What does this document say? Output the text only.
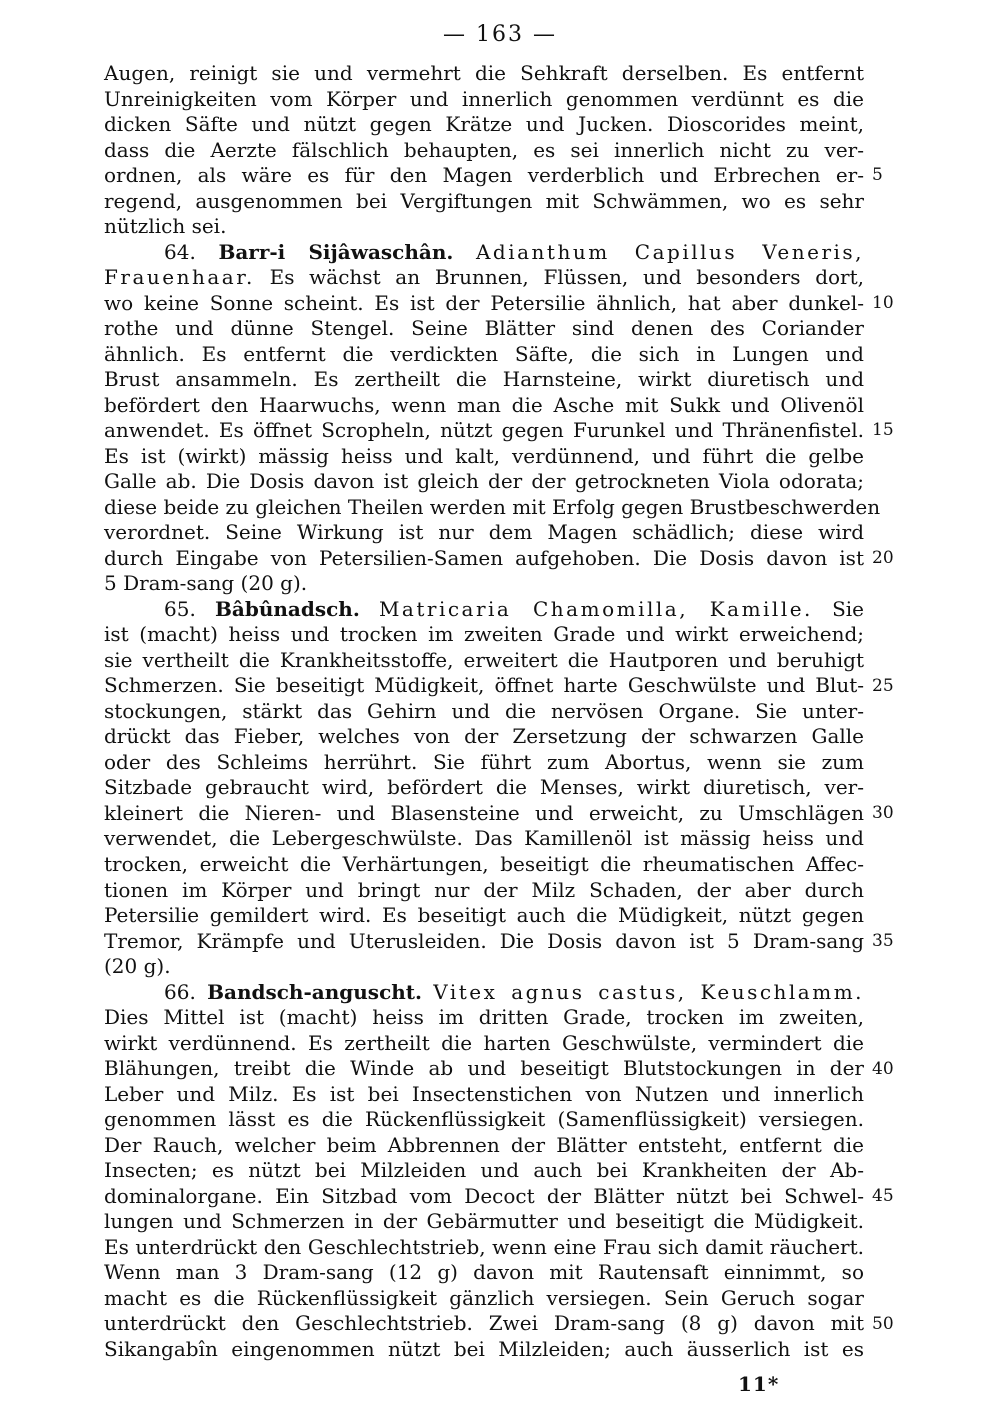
— 163 —
Augen, reinigt sie und vermehrt die Sehkraft derselben. Es entfernt
Unreinigkeiten vom Körper und innerlich genommen verdünnt es die
dicken Säfte und nützt gegen Krätze und Jucken. Dioscorides meint,
dass die Aerzte fälschlich behaupten, es sei innerlich nicht zu ver-
ordnen, als wäre es für den Magen verderblich und Erbrechen er-
regend, ausgenommen bei Vergiftungen mit Schwämmen, wo es sehr
nützlich sei.
64. Barr-i Sijâwaschân. Adianthum Capillus Veneris,
Frauenhaar. Es wächst an Brunnen, Flüssen, und besonders dort,
wo keine Sonne scheint. Es ist der Petersilie ähnlich, hat aber dunkel-
rothe und dünne Stengel. Seine Blätter sind denen des Coriander
ähnlich. Es entfernt die verdickten Säfte, die sich in Lungen und
Brust ansammeln. Es zertheilt die Harnsteine, wirkt diuretisch und
befördert den Haarwuchs, wenn man die Asche mit Sukk und Olivenöl
anwendet. Es öffnet Scropheln, nützt gegen Furunkel und Thränenfistel.
Es ist (wirkt) mässig heiss und kalt, verdünnend, und führt die gelbe
Galle ab. Die Dosis davon ist gleich der der getrockneten Viola odorata;
diese beide zu gleichen Theilen werden mit Erfolg gegen Brustbeschwerden
verordnet. Seine Wirkung ist nur dem Magen schädlich; diese wird
durch Eingabe von Petersilien-Samen aufgehoben. Die Dosis davon ist
5 Dram-sang (20 g).
65. Bâbûnadsch. Matricaria Chamomilla, Kamille. Sie
ist (macht) heiss und trocken im zweiten Grade und wirkt erweichend;
sie vertheilt die Krankheitsstoffe, erweitert die Hautporen und beruhigt
Schmerzen. Sie beseitigt Müdigkeit, öffnet harte Geschwülste und Blut-
stockungen, stärkt das Gehirn und die nervösen Organe. Sie unter-
drückt das Fieber, welches von der Zersetzung der schwarzen Galle
oder des Schleims herrührt. Sie führt zum Abortus, wenn sie zum
Sitzbade gebraucht wird, befördert die Menses, wirkt diuretisch, ver-
kleinert die Nieren- und Blasensteine und erweicht, zu Umschlägen
verwendet, die Lebergeschwülste. Das Kamillenöl ist mässig heiss und
trocken, erweicht die Verhärtungen, beseitigt die rheumatischen Affec-
tionen im Körper und bringt nur der Milz Schaden, der aber durch
Petersilie gemildert wird. Es beseitigt auch die Müdigkeit, nützt gegen
Tremor, Krämpfe und Uterusleiden. Die Dosis davon ist 5 Dram-sang
(20 g).
66. Bandsch-anguscht. Vitex agnus castus, Keuschlamm.
Dies Mittel ist (macht) heiss im dritten Grade, trocken im zweiten,
wirkt verdünnend. Es zertheilt die harten Geschwülste, vermindert die
Blähungen, treibt die Winde ab und beseitigt Blutstockungen in der
Leber und Milz. Es ist bei Insectenstichen von Nutzen und innerlich
genommen lässt es die Rückenflüssigkeit (Samenflüssigkeit) versiegen.
Der Rauch, welcher beim Abbrennen der Blätter entsteht, entfernt die
Insecten; es nützt bei Milzleiden und auch bei Krankheiten der Ab-
dominalorgane. Ein Sitzbad vom Decoct der Blätter nützt bei Schwel-
lungen und Schmerzen in der Gebärmutter und beseitigt die Müdigkeit.
Es unterdrückt den Geschlechtstrieb, wenn eine Frau sich damit räuchert.
Wenn man 3 Dram-sang (12 g) davon mit Rautensaft einnimmt, so
macht es die Rückenflüssigkeit gänzlich versiegen. Sein Geruch sogar
unterdrückt den Geschlechtstrieb. Zwei Dram-sang (8 g) davon mit
Sikangabîn eingenommen nützt bei Milzleiden; auch äusserlich ist es
5
10
15
20
25
30
35
40
45
50
11*
